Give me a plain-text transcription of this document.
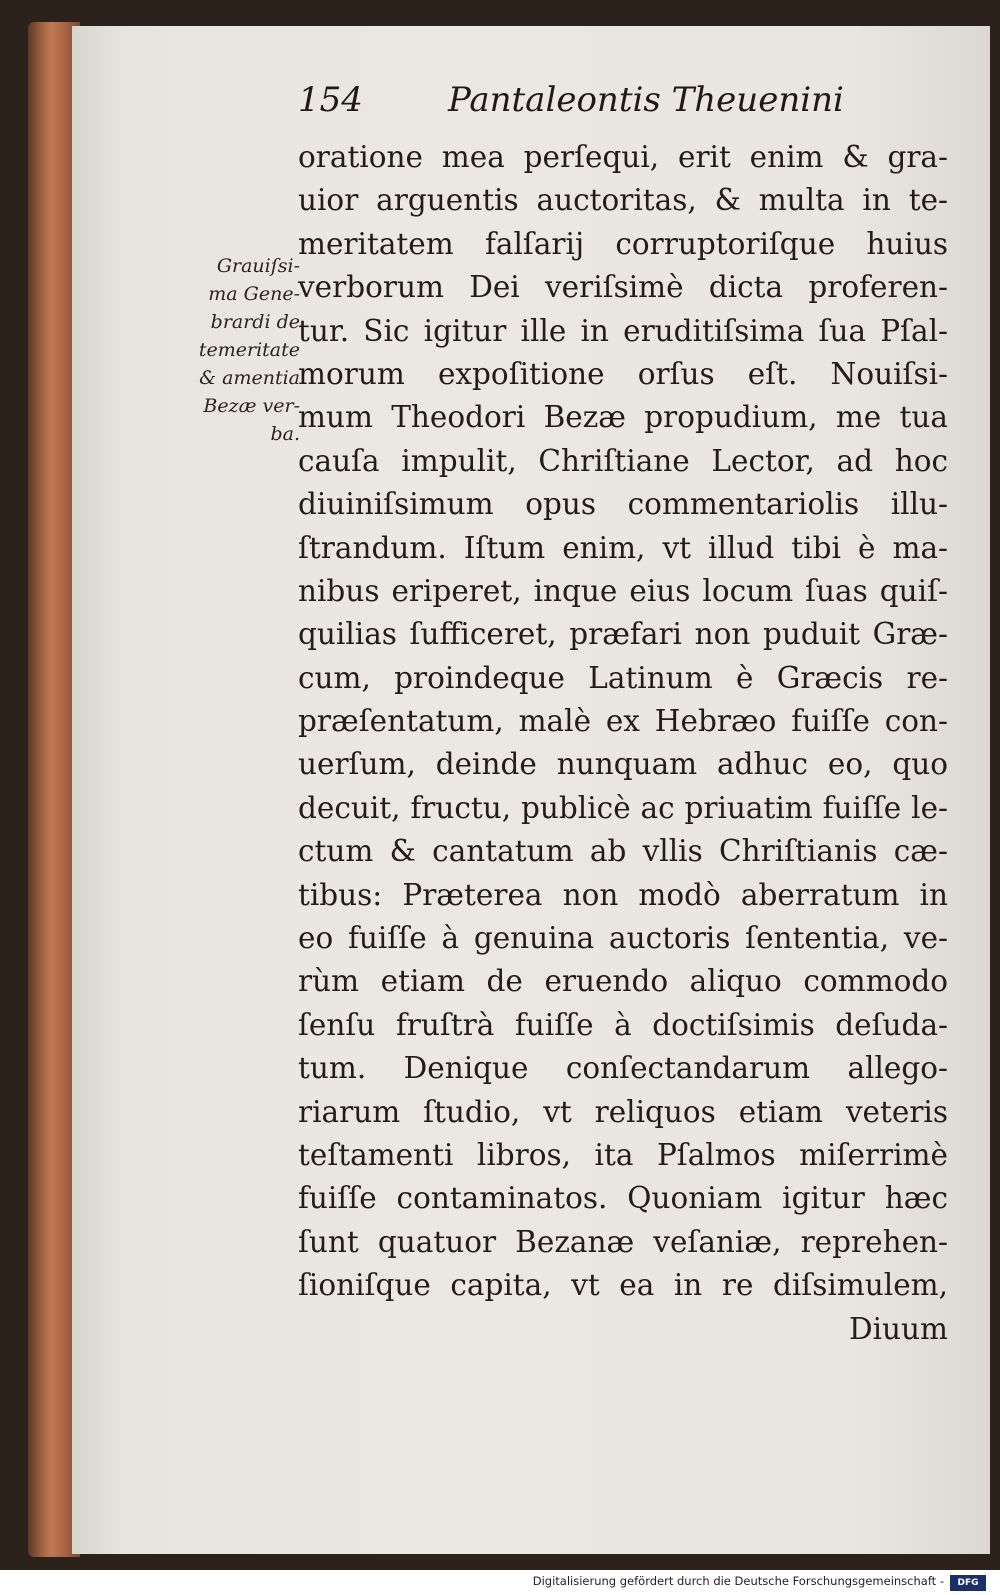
154	Pantaleontis Theuenini
Grauiſsi-
ma Gene-
brardi de
temeritate
& amentia
Bezæ ver-
ba.
oratione mea perſequi, erit enim & gra-
uior arguentis auctoritas, & multa in te-
meritatem falſarij corruptoriſque huius
verborum Dei veriſsimè dicta proferen-
tur. Sic igitur ille in eruditiſsima ſua Pſal-
morum expoſitione orſus eſt. Nouiſsi-
mum Theodori Bezæ propudium, me tua
cauſa impulit, Chriſtiane Lector, ad hoc
diuiniſsimum opus commentariolis illu-
ſtrandum. Iſtum enim, vt illud tibi è ma-
nibus eriperet, inque eius locum ſuas quiſ-
quilias ſufficeret, præfari non puduit Græ-
cum, proindeque Latinum è Græcis re-
præſentatum, malè ex Hebræo fuiſſe con-
uerſum, deinde nunquam adhuc eo, quo
decuit, fructu, publicè ac priuatim fuiſſe le-
ctum & cantatum ab vllis Chriſtianis cæ-
tibus: Præterea non modò aberratum in
eo fuiſſe à genuina auctoris ſententia, ve-
rùm etiam de eruendo aliquo commodo
ſenſu fruſtrà fuiſſe à doctiſsimis deſuda-
tum. Denique conſectandarum allego-
riarum ſtudio, vt reliquos etiam veteris
teſtamenti libros, ita Pſalmos miſerrimè
fuiſſe contaminatos. Quoniam igitur hæc
ſunt quatuor Bezanæ veſaniæ, reprehen-
ſioniſque capita, vt ea in re diſsimulem,
Diuum
Digitalisierung gefördert durch die Deutsche Forschungsgemeinschaft -	DFG
